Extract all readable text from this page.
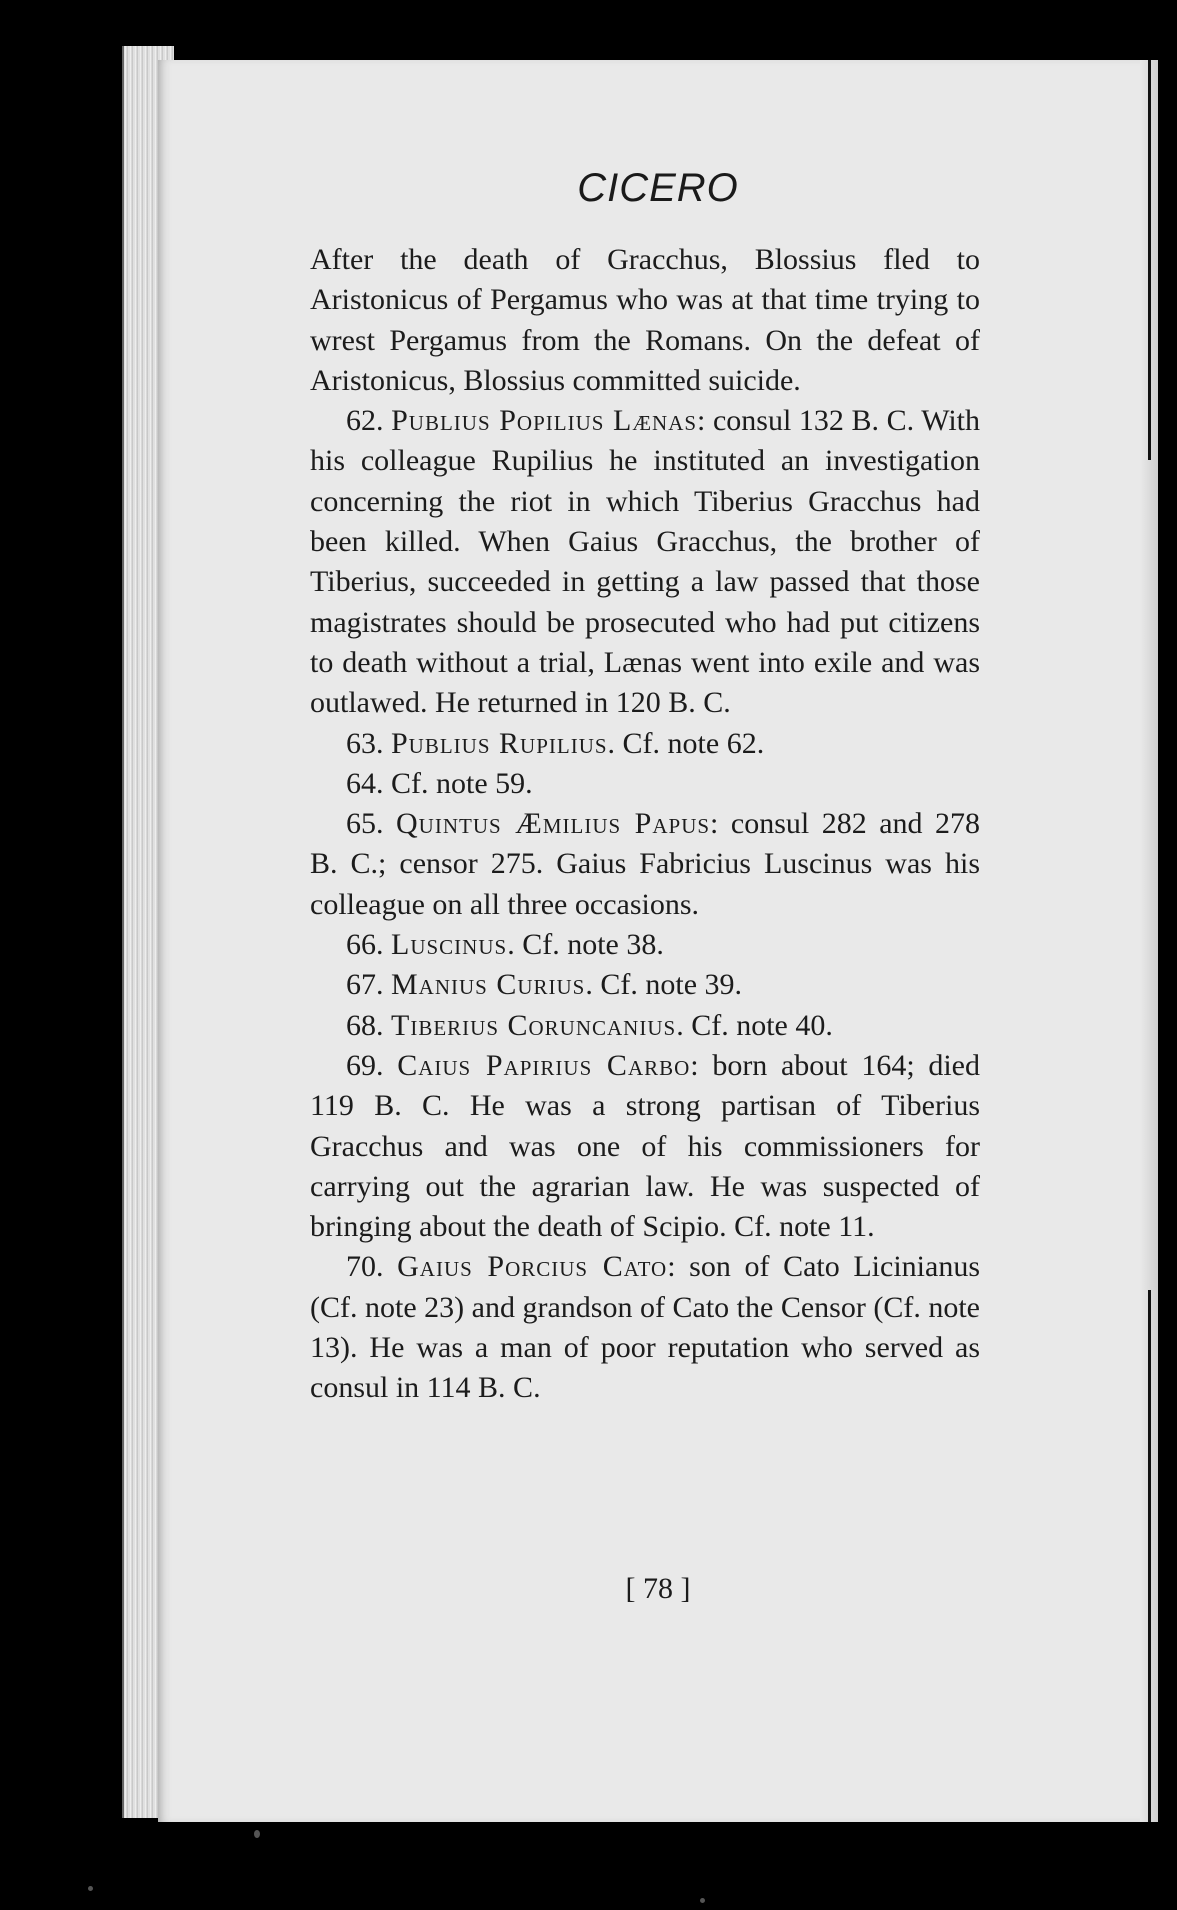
CICERO

After the death of Gracchus, Blossius fled to Aristonicus of Pergamus who was at that time trying to wrest Pergamus from the Romans. On the defeat of Aristonicus, Blossius committed suicide.

62. Publius Popilius Lænas: consul 132 B. C. With his colleague Rupilius he instituted an investigation concerning the riot in which Tiberius Gracchus had been killed. When Gaius Gracchus, the brother of Tiberius, succeeded in getting a law passed that those magistrates should be prosecuted who had put citizens to death without a trial, Lænas went into exile and was outlawed. He returned in 120 B. C.

63. Publius Rupilius. Cf. note 62.

64. Cf. note 59.

65. Quintus Æmilius Papus: consul 282 and 278 B. C.; censor 275. Gaius Fabricius Luscinus was his colleague on all three occasions.

66. Luscinus. Cf. note 38.

67. Manius Curius. Cf. note 39.

68. Tiberius Coruncanius. Cf. note 40.

69. Caius Papirius Carbo: born about 164; died 119 B. C. He was a strong partisan of Tiberius Gracchus and was one of his commissioners for carrying out the agrarian law. He was suspected of bringing about the death of Scipio. Cf. note 11.

70. Gaius Porcius Cato: son of Cato Licinianus (Cf. note 23) and grandson of Cato the Censor (Cf. note 13). He was a man of poor reputation who served as consul in 114 B. C.

[ 78 ]
